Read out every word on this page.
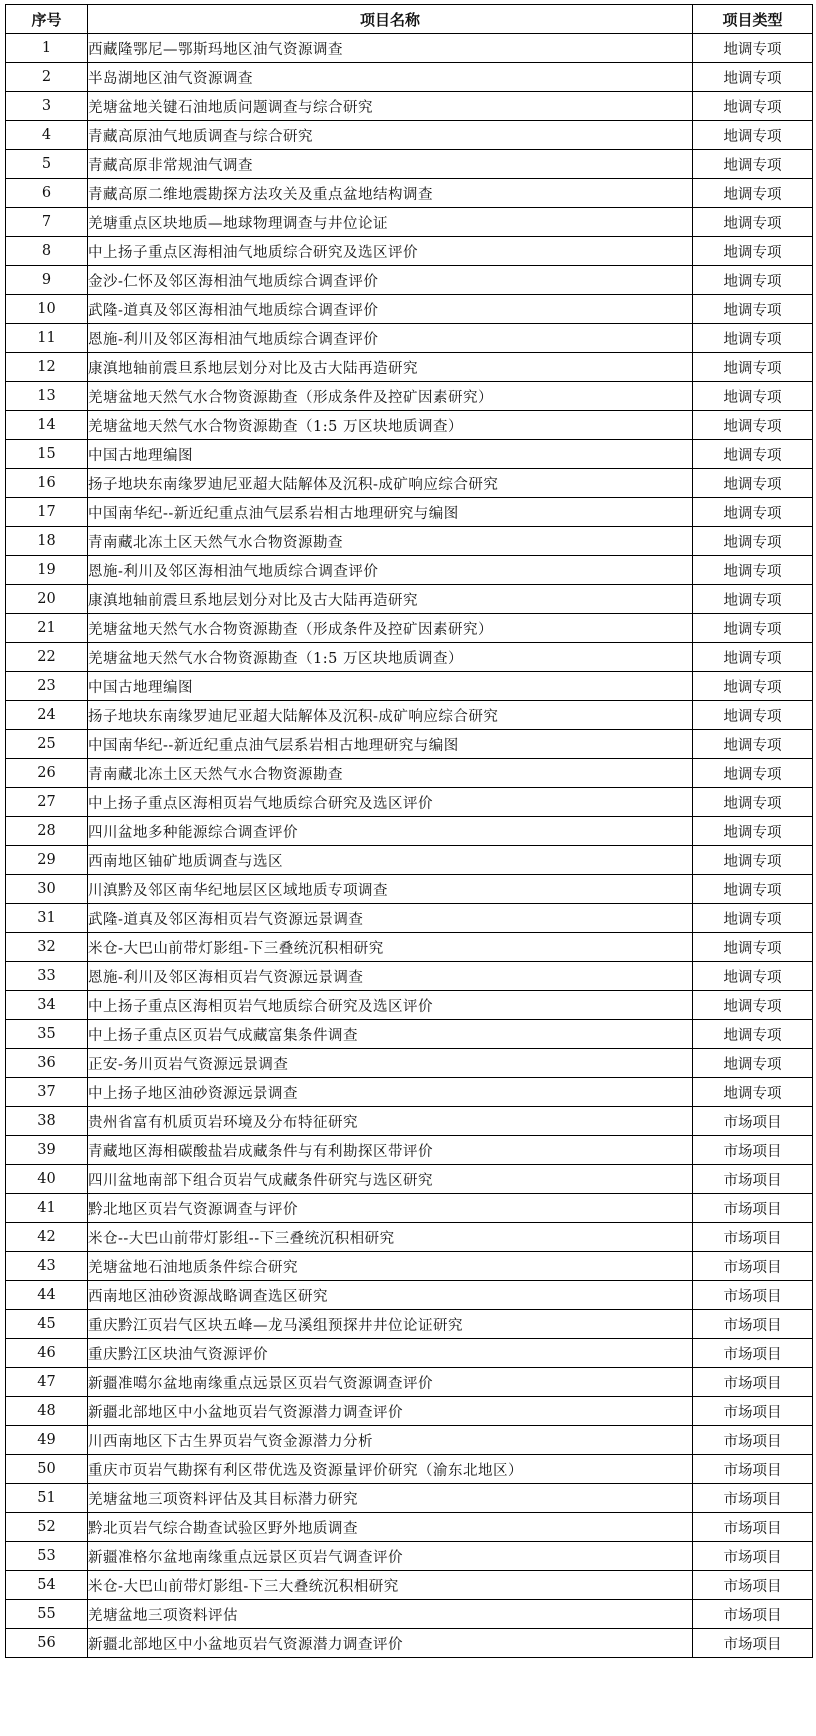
序号	项目名称	项目类型
1	西藏隆鄂尼—鄂斯玛地区油气资源调查	地调专项
2	半岛湖地区油气资源调查	地调专项
3	羌塘盆地关键石油地质问题调查与综合研究	地调专项
4	青藏高原油气地质调查与综合研究	地调专项
5	青藏高原非常规油气调查	地调专项
6	青藏高原二维地震勘探方法攻关及重点盆地结构调查	地调专项
7	羌塘重点区块地质—地球物理调查与井位论证	地调专项
8	中上扬子重点区海相油气地质综合研究及选区评价	地调专项
9	金沙-仁怀及邻区海相油气地质综合调查评价	地调专项
10	武隆-道真及邻区海相油气地质综合调查评价	地调专项
11	恩施-利川及邻区海相油气地质综合调查评价	地调专项
12	康滇地轴前震旦系地层划分对比及古大陆再造研究	地调专项
13	羌塘盆地天然气水合物资源勘查（形成条件及控矿因素研究）	地调专项
14	羌塘盆地天然气水合物资源勘查（1:5 万区块地质调查）	地调专项
15	中国古地理编图	地调专项
16	扬子地块东南缘罗迪尼亚超大陆解体及沉积-成矿响应综合研究	地调专项
17	中国南华纪--新近纪重点油气层系岩相古地理研究与编图	地调专项
18	青南藏北冻土区天然气水合物资源勘查	地调专项
19	恩施-利川及邻区海相油气地质综合调查评价	地调专项
20	康滇地轴前震旦系地层划分对比及古大陆再造研究	地调专项
21	羌塘盆地天然气水合物资源勘查（形成条件及控矿因素研究）	地调专项
22	羌塘盆地天然气水合物资源勘查（1:5 万区块地质调查）	地调专项
23	中国古地理编图	地调专项
24	扬子地块东南缘罗迪尼亚超大陆解体及沉积-成矿响应综合研究	地调专项
25	中国南华纪--新近纪重点油气层系岩相古地理研究与编图	地调专项
26	青南藏北冻土区天然气水合物资源勘查	地调专项
27	中上扬子重点区海相页岩气地质综合研究及选区评价	地调专项
28	四川盆地多种能源综合调查评价	地调专项
29	西南地区铀矿地质调查与选区	地调专项
30	川滇黔及邻区南华纪地层区区域地质专项调查	地调专项
31	武隆-道真及邻区海相页岩气资源远景调查	地调专项
32	米仓-大巴山前带灯影组-下三叠统沉积相研究	地调专项
33	恩施-利川及邻区海相页岩气资源远景调查	地调专项
34	中上扬子重点区海相页岩气地质综合研究及选区评价	地调专项
35	中上扬子重点区页岩气成藏富集条件调查	地调专项
36	正安-务川页岩气资源远景调查	地调专项
37	中上扬子地区油砂资源远景调查	地调专项
38	贵州省富有机质页岩环境及分布特征研究	市场项目
39	青藏地区海相碳酸盐岩成藏条件与有利勘探区带评价	市场项目
40	四川盆地南部下组合页岩气成藏条件研究与选区研究	市场项目
41	黔北地区页岩气资源调查与评价	市场项目
42	米仓--大巴山前带灯影组--下三叠统沉积相研究	市场项目
43	羌塘盆地石油地质条件综合研究	市场项目
44	西南地区油砂资源战略调查选区研究	市场项目
45	重庆黔江页岩气区块五峰—龙马溪组预探井井位论证研究	市场项目
46	重庆黔江区块油气资源评价	市场项目
47	新疆准噶尔盆地南缘重点远景区页岩气资源调查评价	市场项目
48	新疆北部地区中小盆地页岩气资源潜力调查评价	市场项目
49	川西南地区下古生界页岩气资金源潜力分析	市场项目
50	重庆市页岩气勘探有利区带优选及资源量评价研究（渝东北地区）	市场项目
51	羌塘盆地三项资料评估及其目标潜力研究	市场项目
52	黔北页岩气综合勘查试验区野外地质调查	市场项目
53	新疆准格尔盆地南缘重点远景区页岩气调查评价	市场项目
54	米仓-大巴山前带灯影组-下三大叠统沉积相研究	市场项目
55	羌塘盆地三项资料评估	市场项目
56	新疆北部地区中小盆地页岩气资源潜力调查评价	市场项目
